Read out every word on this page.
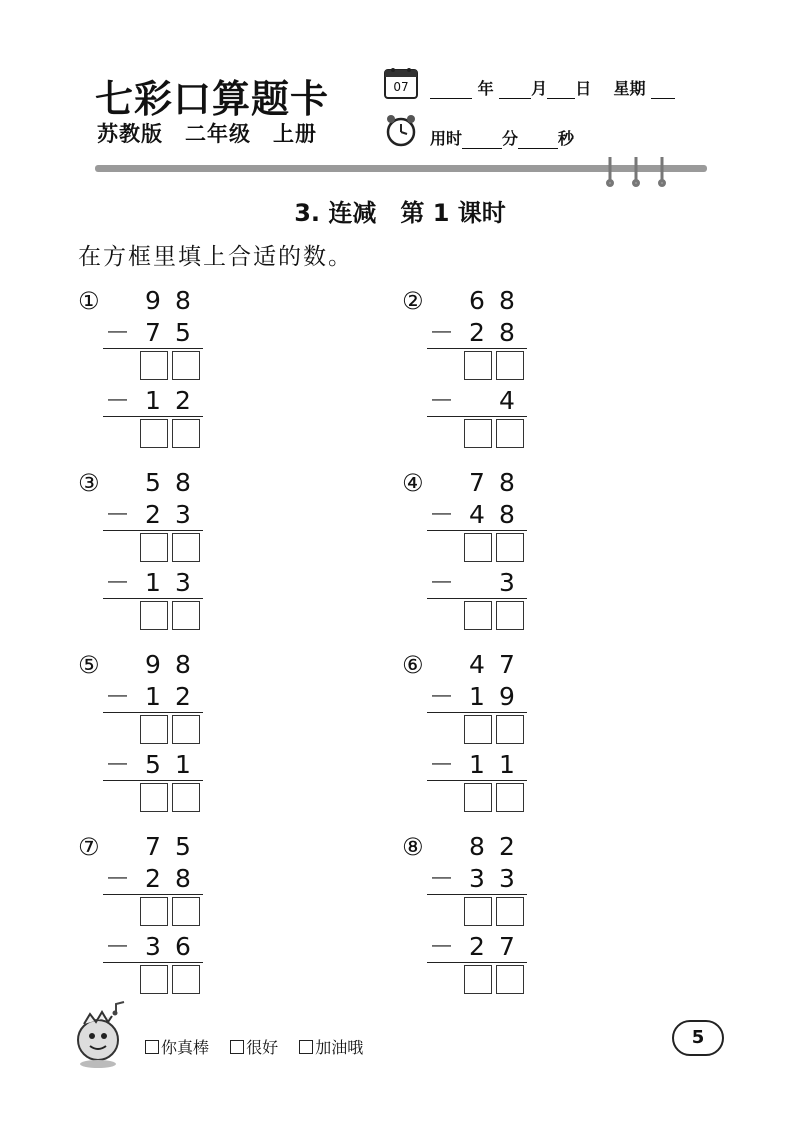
七彩口算题卡
苏教版　二年级　上册
07	年 月 日 星期
用时	分	秒
3. 连减　第 1 课时
在方框里填上合适的数。
① 9 8
－ 7 5
－ 1 2
② 6 8
－ 2 8
－ 4
③ 5 8
－ 2 3
－ 1 3
④ 7 8
－ 4 8
－ 3
⑤ 9 8
－ 1 2
－ 5 1
⑥ 4 7
－ 1 9
－ 1 1
⑦ 7 5
－ 2 8
－ 3 6
⑧ 8 2
－ 3 3
－ 2 7
你真棒 很好 加油哦	5
